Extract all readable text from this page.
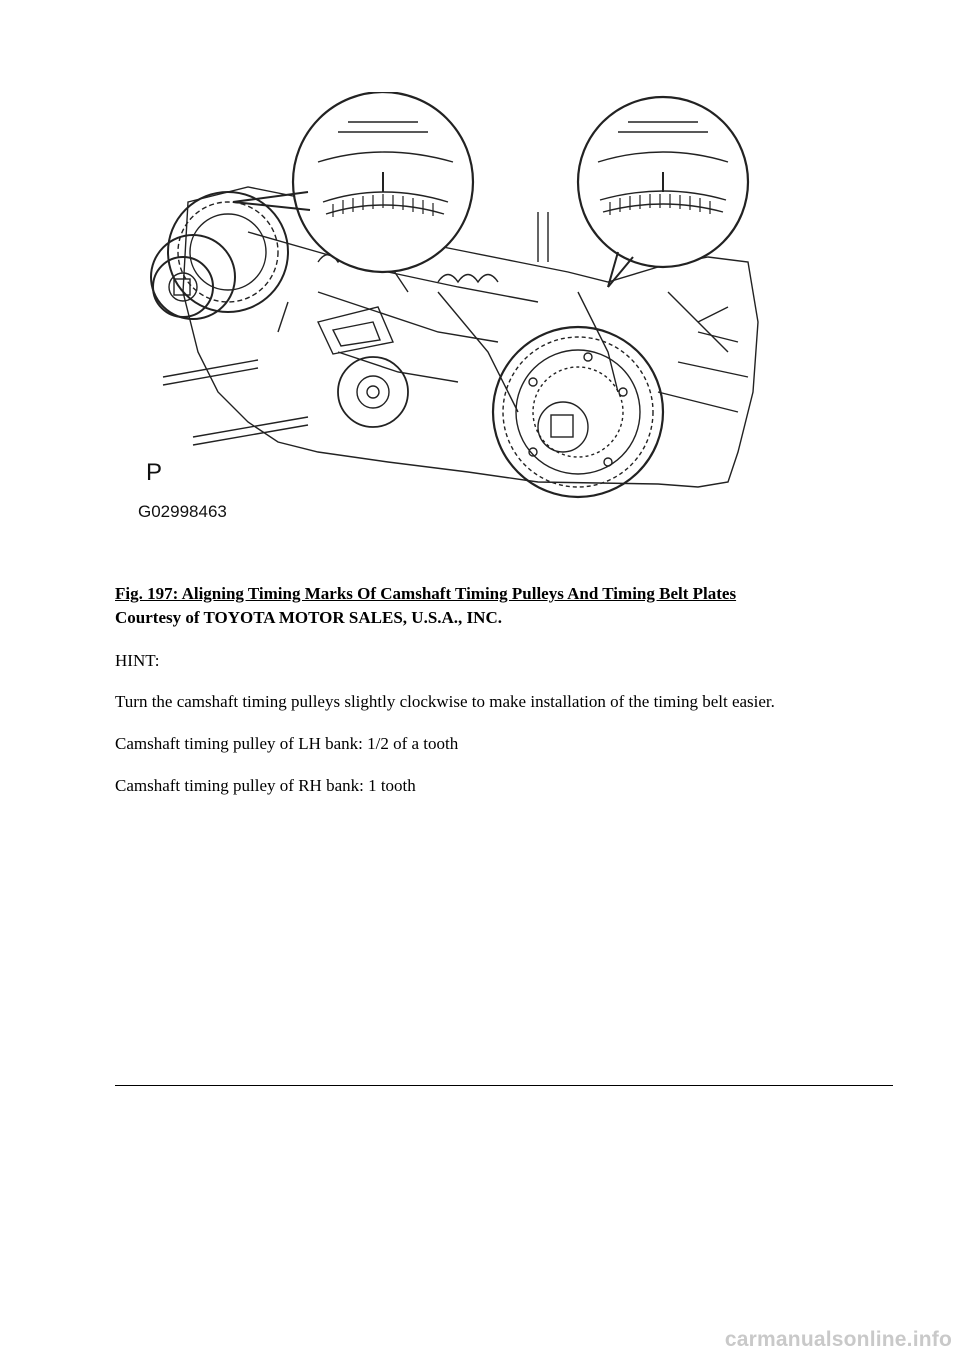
P
G02998463
Fig. 197: Aligning Timing Marks Of Camshaft Timing Pulleys And Timing Belt Plates
Courtesy of TOYOTA MOTOR SALES, U.S.A., INC.
HINT:
Turn the camshaft timing pulleys slightly clockwise to make installation of the timing belt easier.
Camshaft timing pulley of LH bank: 1/2 of a tooth
Camshaft timing pulley of RH bank: 1 tooth
carmanualsonline.info
